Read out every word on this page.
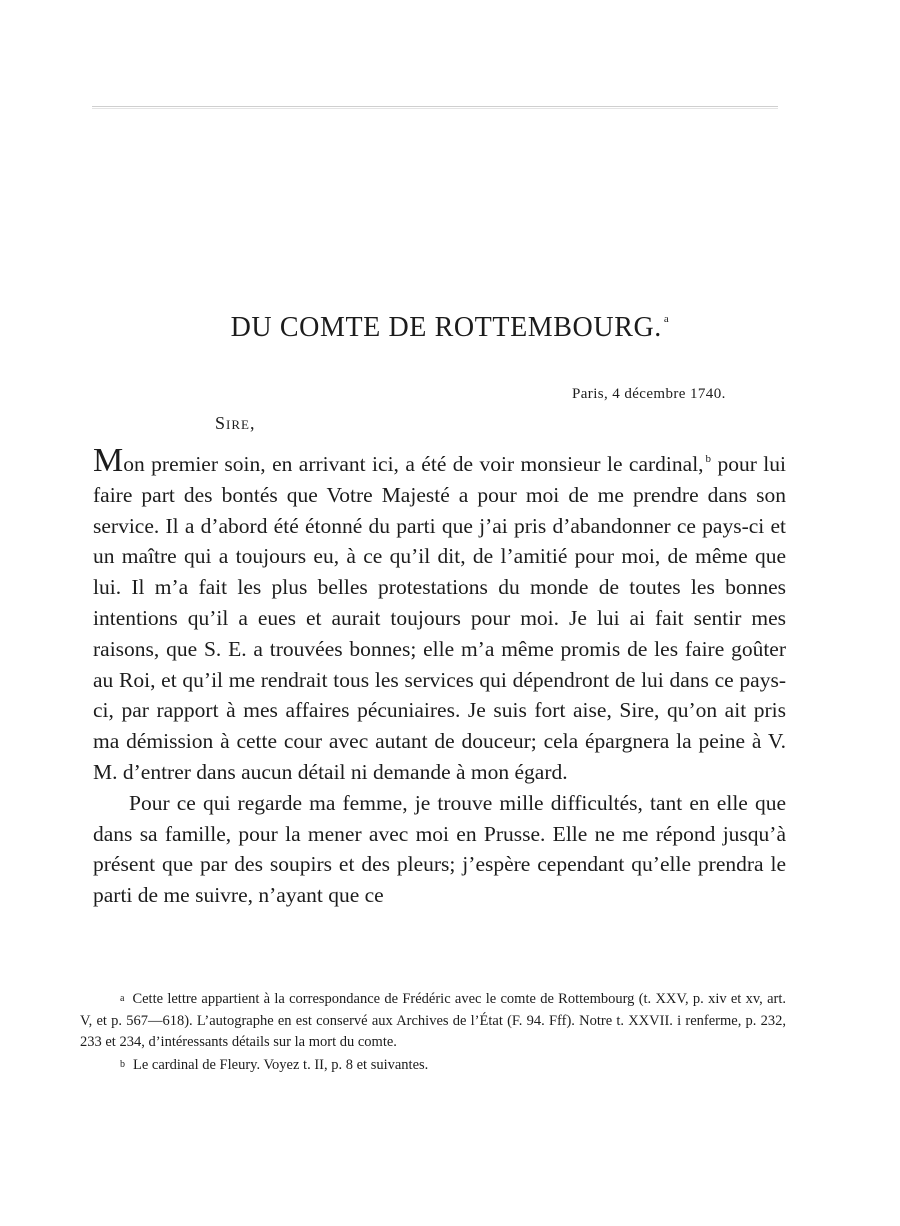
DU COMTE DE ROTTEMBOURG. $^a$
Paris, 4 décembre 1740.
Sire,

Mon premier soin, en arrivant ici, a été de voir monsieur le cardinal, $^b$ pour lui faire part des bontés que Votre Majesté a pour moi de me prendre dans son service. Il a d’abord été étonné du parti que j’ai pris d’abandonner ce pays-ci et un maître qui a toujours eu, à ce qu’il dit, de l’amitié pour moi, de même que lui. Il m’a fait les plus belles protestations du monde de toutes les bonnes intentions qu’il a eues et aurait toujours pour moi. Je lui ai fait sentir mes raisons, que S. E. a trouvées bonnes; elle m’a même promis de les faire goûter au Roi, et qu’il me rendrait tous les services qui dépendront de lui dans ce pays-ci, par rapport à mes affaires pécuniaires. Je suis fort aise, Sire, qu’on ait pris ma démission à cette cour avec autant de douceur; cela épargnera la peine à V. M. d’entrer dans aucun détail ni demande à mon égard.

Pour ce qui regarde ma femme, je trouve mille difficultés, tant en elle que dans sa famille, pour la mener avec moi en Prusse. Elle ne me répond jusqu’à présent que par des soupirs et des pleurs; j’espère cependant qu’elle prendra le parti de me suivre, n’ayant que ce

a Cette lettre appartient à la correspondance de Frédéric avec le comte de Rottembourg (t. XXV, p. xiv et xv, art. V, et p. 567—618). L’autographe en est conservé aux Archives de l’État (F. 94. Fff). Notre t. XXVII. i renferme, p. 232, 233 et 234, d’intéressants détails sur la mort du comte.

b Le cardinal de Fleury. Voyez t. II, p. 8 et suivantes.
